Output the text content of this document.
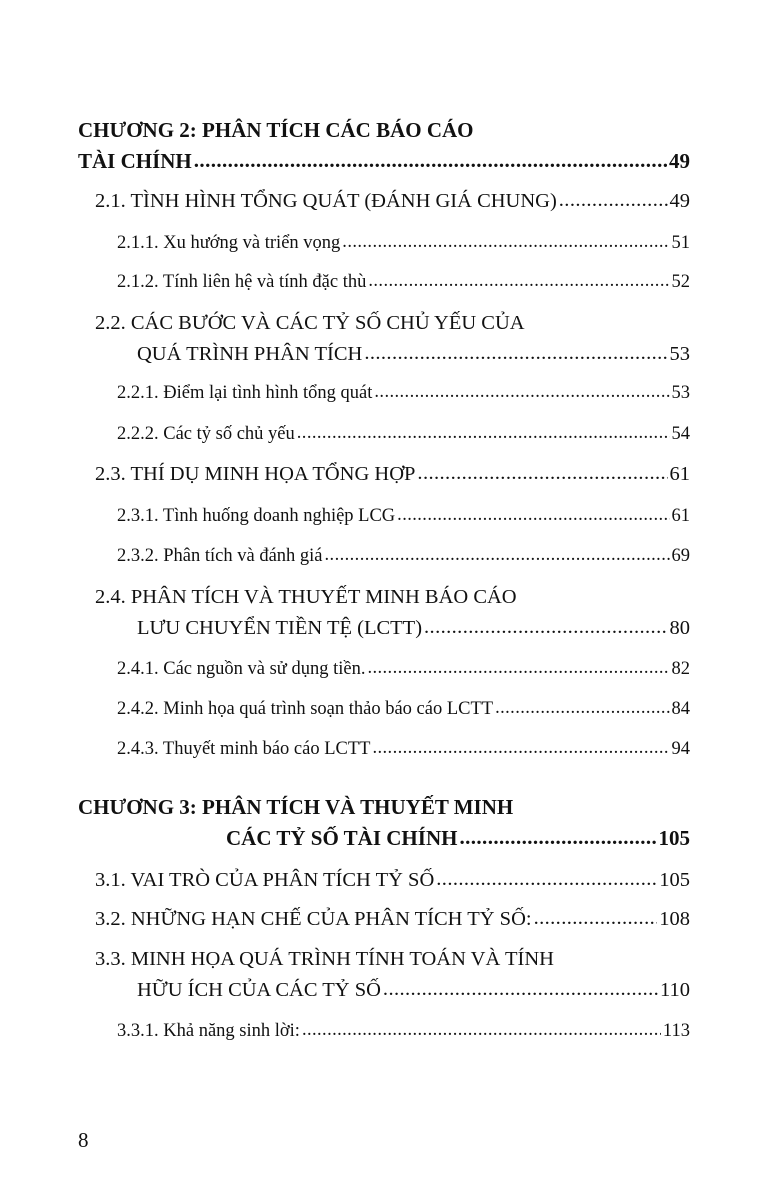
CHƯƠNG 2: PHÂN TÍCH CÁC BÁO CÁO
TÀI CHÍNH .....	49
2.1. TÌNH HÌNH TỔNG QUÁT (ĐÁNH GIÁ CHUNG) .....	49
2.1.1. Xu hướng và triển vọng .....	51
2.1.2. Tính liên hệ và tính đặc thù .....	52
2.2. CÁC BƯỚC VÀ CÁC TỶ SỐ CHỦ YẾU CỦA
QUÁ TRÌNH PHÂN TÍCH .....	53
2.2.1. Điểm lại tình hình tổng quát .....	53
2.2.2. Các tỷ số chủ yếu .....	54
2.3. THÍ DỤ MINH HỌA TỔNG HỢP .....	61
2.3.1. Tình huống doanh nghiệp LCG .....	61
2.3.2. Phân tích và đánh giá .....	69
2.4. PHÂN TÍCH VÀ THUYẾT MINH BÁO CÁO
LƯU CHUYỂN TIỀN TỆ (LCTT) .....	80
2.4.1. Các nguồn và sử dụng tiền. .....	82
2.4.2. Minh họa quá trình soạn thảo báo cáo LCTT .....	84
2.4.3. Thuyết minh báo cáo LCTT .....	94
CHƯƠNG 3: PHÂN TÍCH VÀ THUYẾT MINH
CÁC TỶ SỐ TÀI CHÍNH .....	105
3.1. VAI TRÒ CỦA PHÂN TÍCH TỶ SỐ .....	105
3.2. NHỮNG HẠN CHẾ CỦA PHÂN TÍCH TỶ SỐ: .....	108
3.3. MINH HỌA QUÁ TRÌNH TÍNH TOÁN VÀ TÍNH
HỮU ÍCH CỦA CÁC TỶ SỐ .....	110
3.3.1. Khả năng sinh lời: .....	113
8
